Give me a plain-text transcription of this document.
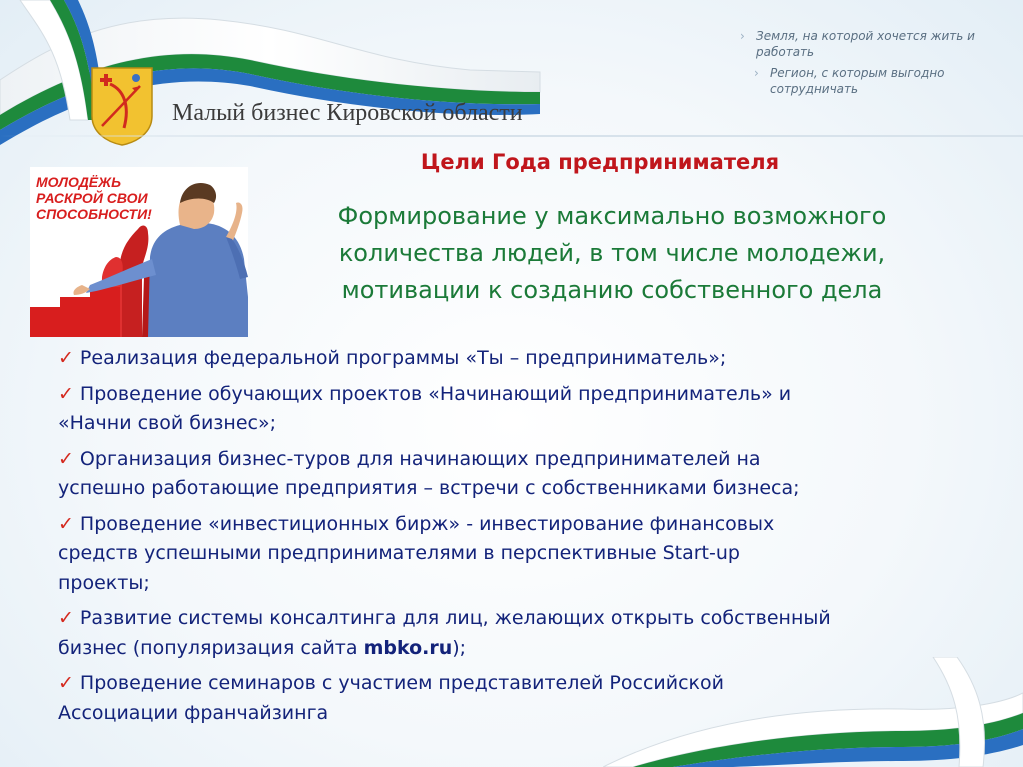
Малый бизнес Кировской области
› Земля, на которой хочется жить и работать
› Регион, с которым выгодно сотрудничать
МОЛОДЁЖЬ
РАСКРОЙ СВОИ
СПОСОБНОСТИ!
Цели Года предпринимателя
Формирование у максимально возможного
количества людей, в том числе молодежи,
мотивации к созданию собственного дела
✓ Реализация федеральной программы «Ты – предприниматель»;
✓ Проведение обучающих проектов «Начинающий предприниматель» и
«Начни свой бизнес»;
✓ Организация бизнес-туров для начинающих предпринимателей на
успешно работающие предприятия – встречи с собственниками бизнеса;
✓ Проведение «инвестиционных бирж» - инвестирование финансовых
средств успешными предпринимателями в перспективные Start-up
проекты;
✓ Развитие системы консалтинга для лиц, желающих открыть собственный
бизнес (популяризация сайта mbko.ru);
✓ Проведение семинаров с участием представителей Российской
Ассоциации франчайзинга
